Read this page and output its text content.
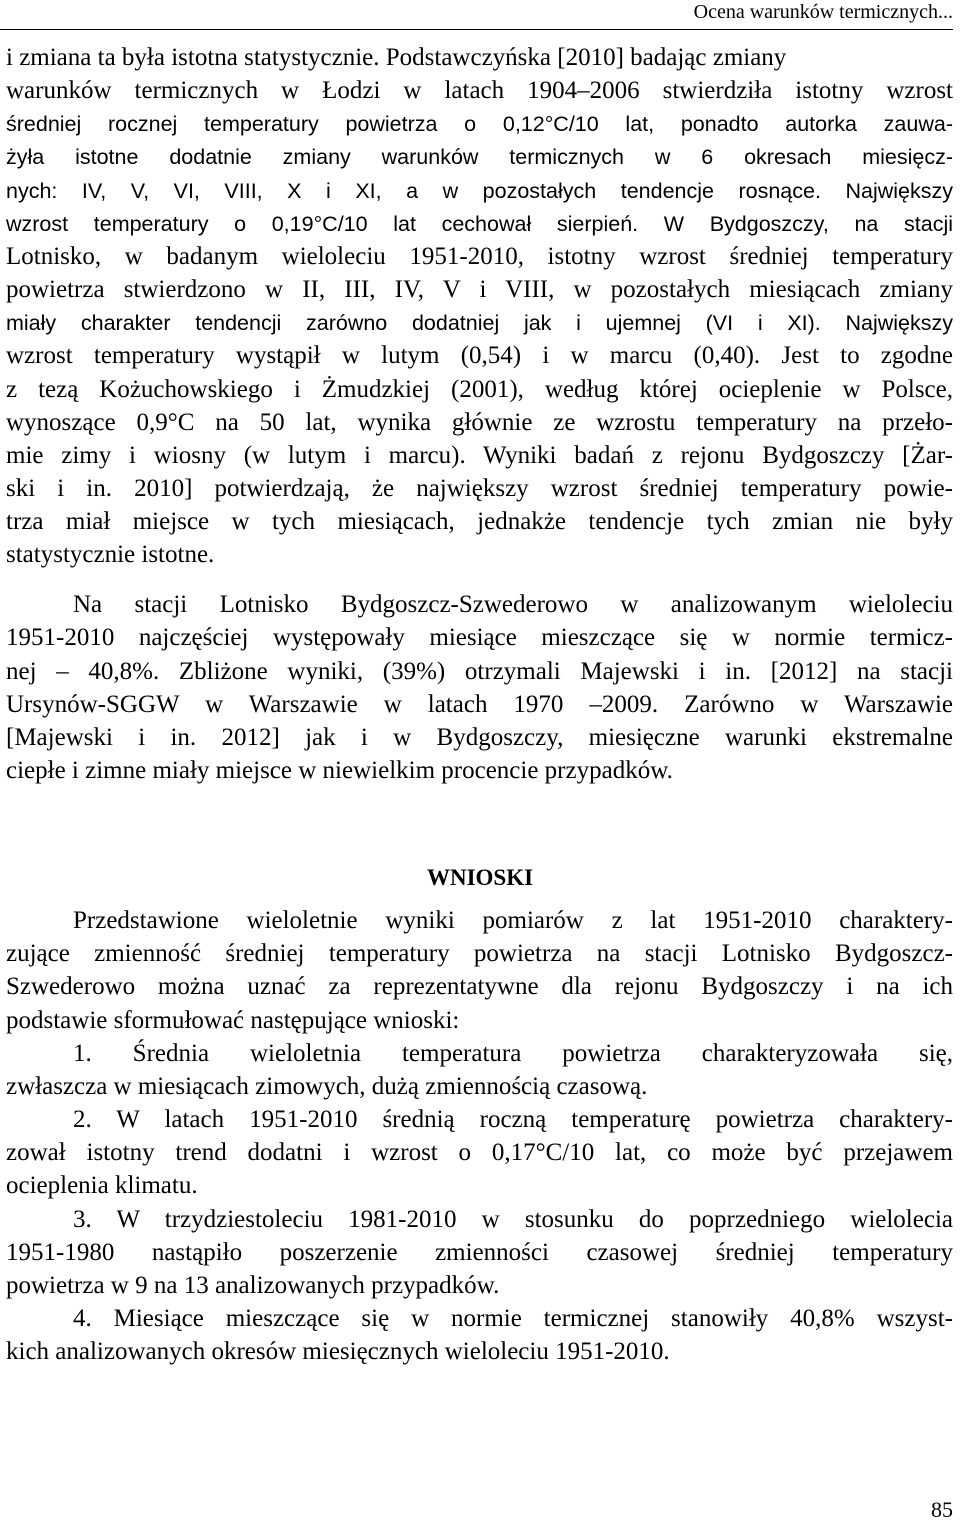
Ocena warunków termicznych...
i zmiana ta była istotna statystycznie. Podstawczyńska [2010] badając zmiany
warunków termicznych w Łodzi w latach 1904–2006 stwierdziła istotny wzrost
średniej rocznej temperatury powietrza o 0,12°C/10 lat, ponadto autorka zauwa-
żyła istotne dodatnie zmiany warunków termicznych w 6 okresach miesięcz-
nych: IV, V, VI, VIII, X i XI, a w pozostałych tendencje rosnące. Największy
wzrost temperatury o 0,19°C/10 lat cechował sierpień. W Bydgoszczy, na stacji
Lotnisko, w badanym wieloleciu 1951-2010, istotny wzrost średniej temperatury
powietrza stwierdzono w II, III, IV, V i VIII, w pozostałych miesiącach zmiany
miały charakter tendencji zarówno dodatniej jak i ujemnej (VI i XI). Największy
wzrost temperatury wystąpił w lutym (0,54) i w marcu (0,40). Jest to zgodne
z tezą Kożuchowskiego i Żmudzkiej (2001), według której ocieplenie w Polsce,
wynoszące 0,9°C na 50 lat, wynika głównie ze wzrostu temperatury na przeło-
mie zimy i wiosny (w lutym i marcu). Wyniki badań z rejonu Bydgoszczy [Żar-
ski i in. 2010] potwierdzają, że największy wzrost średniej temperatury powie-
trza miał miejsce w tych miesiącach, jednakże tendencje tych zmian nie były
statystycznie istotne.
Na stacji Lotnisko Bydgoszcz-Szwederowo w analizowanym wieloleciu
1951-2010 najczęściej występowały miesiące mieszczące się w normie termicz-
nej – 40,8%. Zbliżone wyniki, (39%) otrzymali Majewski i in. [2012] na stacji
Ursynów-SGGW w Warszawie w latach 1970 –2009. Zarówno w Warszawie
[Majewski i in. 2012] jak i w Bydgoszczy, miesięczne warunki ekstremalne
ciepłe i zimne miały miejsce w niewielkim procencie przypadków.
WNIOSKI
Przedstawione wieloletnie wyniki pomiarów z lat 1951-2010 charaktery-
zujące zmienność średniej temperatury powietrza na stacji Lotnisko Bydgoszcz-
Szwederowo można uznać za reprezentatywne dla rejonu Bydgoszczy i na ich
podstawie sformułować następujące wnioski:
1. Średnia wieloletnia temperatura powietrza charakteryzowała się,
zwłaszcza w miesiącach zimowych, dużą zmiennością czasową.
2. W latach 1951-2010 średnią roczną temperaturę powietrza charaktery-
zował istotny trend dodatni i wzrost o 0,17°C/10 lat, co może być przejawem
ocieplenia klimatu.
3. W trzydziestoleciu 1981-2010 w stosunku do poprzedniego wielolecia
1951-1980 nastąpiło poszerzenie zmienności czasowej średniej temperatury
powietrza w 9 na 13 analizowanych przypadków.
4. Miesiące mieszczące się w normie termicznej stanowiły 40,8% wszyst-
kich analizowanych okresów miesięcznych wieloleciu 1951-2010.
85
